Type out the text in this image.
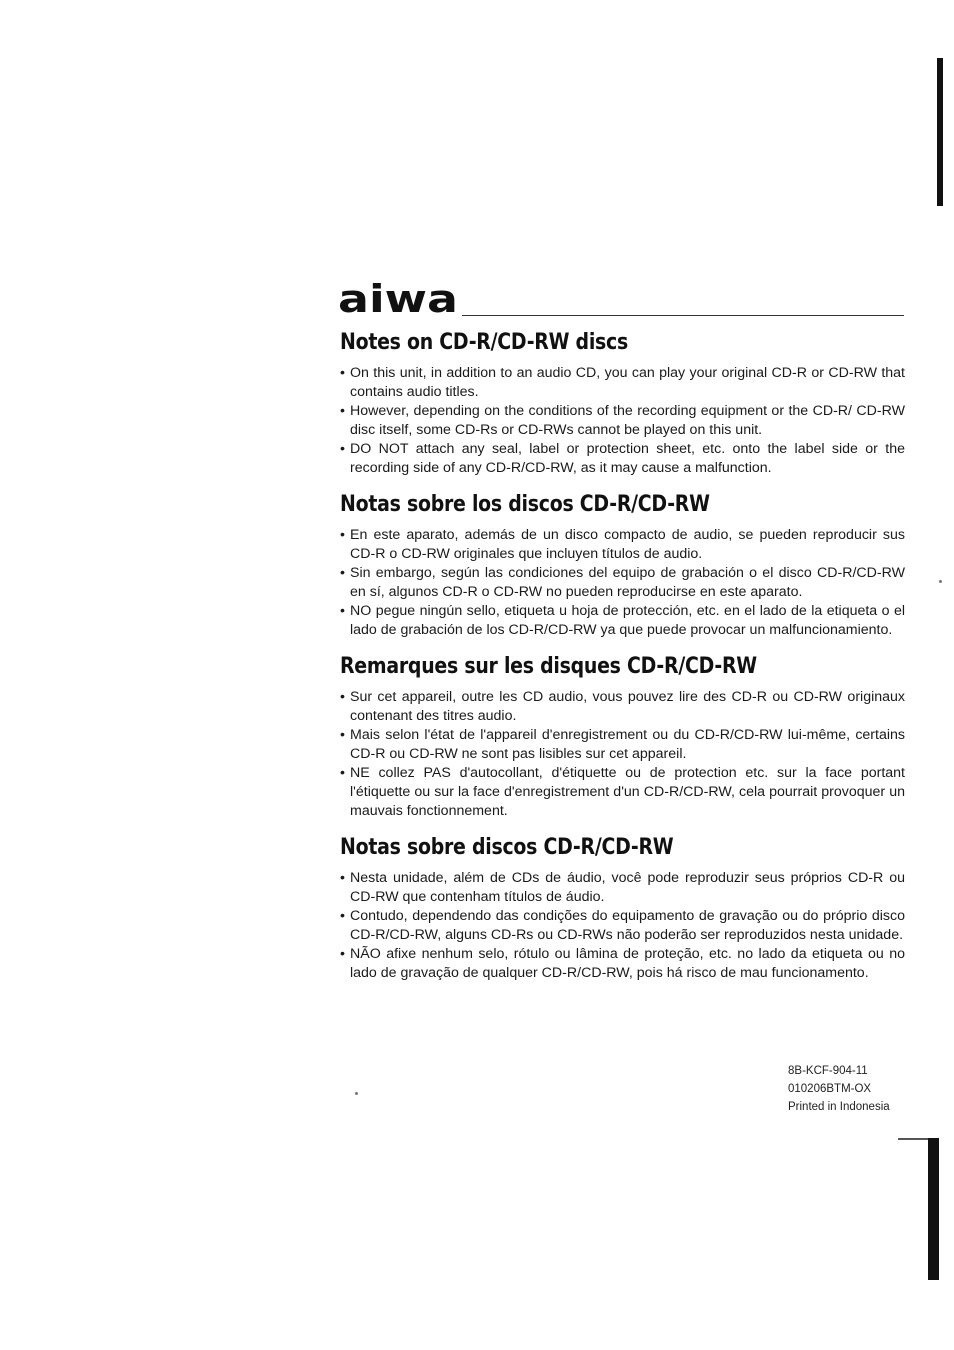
aiwa
Notes on CD-R/CD-RW discs
• On this unit, in addition to an audio CD, you can play your original CD-R or CD-RW that contains audio titles.
• However, depending on the conditions of the recording equipment or the CD-R/ CD-RW disc itself, some CD-Rs or CD-RWs cannot be played on this unit.
• DO NOT attach any seal, label or protection sheet, etc. onto the label side or the recording side of any CD-R/CD-RW, as it may cause a malfunction.
Notas sobre los discos CD-R/CD-RW
• En este aparato, además de un disco compacto de audio, se pueden reproducir sus CD-R o CD-RW originales que incluyen títulos de audio.
• Sin embargo, según las condiciones del equipo de grabación o el disco CD-R/CD-RW en sí, algunos CD-R o CD-RW no pueden reproducirse en este aparato.
• NO pegue ningún sello, etiqueta u hoja de protección, etc. en el lado de la etiqueta o el lado de grabación de los CD-R/CD-RW ya que puede provocar un malfuncionamiento.
Remarques sur les disques CD-R/CD-RW
• Sur cet appareil, outre les CD audio, vous pouvez lire des CD-R ou CD-RW originaux contenant des titres audio.
• Mais selon l'état de l'appareil d'enregistrement ou du CD-R/CD-RW lui-même, certains CD-R ou CD-RW ne sont pas lisibles sur cet appareil.
• NE collez PAS d'autocollant, d'étiquette ou de protection etc. sur la face portant l'étiquette ou sur la face d'enregistrement d'un CD-R/CD-RW, cela pourrait provoquer un mauvais fonctionnement.
Notas sobre discos CD-R/CD-RW
• Nesta unidade, além de CDs de áudio, você pode reproduzir seus próprios CD-R ou CD-RW que contenham títulos de áudio.
• Contudo, dependendo das condições do equipamento de gravação ou do próprio disco CD-R/CD-RW, alguns CD-Rs ou CD-RWs não poderão ser reproduzidos nesta unidade.
• NÃO afixe nenhum selo, rótulo ou lâmina de proteção, etc. no lado da etiqueta ou no lado de gravação de qualquer CD-R/CD-RW, pois há risco de mau funcionamento.
8B-KCF-904-11
010206BTM-OX
Printed in Indonesia
